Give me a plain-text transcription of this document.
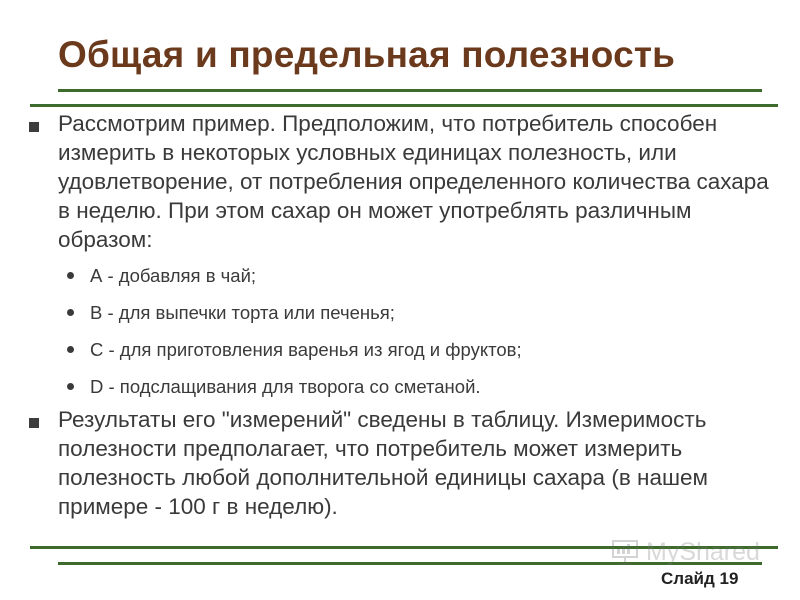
Общая и предельная полезность

Рассмотрим пример. Предположим, что потребитель способен измерить в некоторых условных единицах полезность, или удовлетворение, от потребления определенного количества сахара в неделю. При этом сахар он может употреблять различным образом:

А - добавляя в чай;

В - для выпечки торта или печенья;

С - для приготовления варенья из ягод и фруктов;

D - подслащивания для творога со сметаной.

Результаты его "измерений" сведены в таблицу. Измеримость полезности предполагает, что потребитель может измерить полезность любой дополнительной единицы сахара (в нашем примере - 100 г в неделю).

MyShared
Слайд 19
